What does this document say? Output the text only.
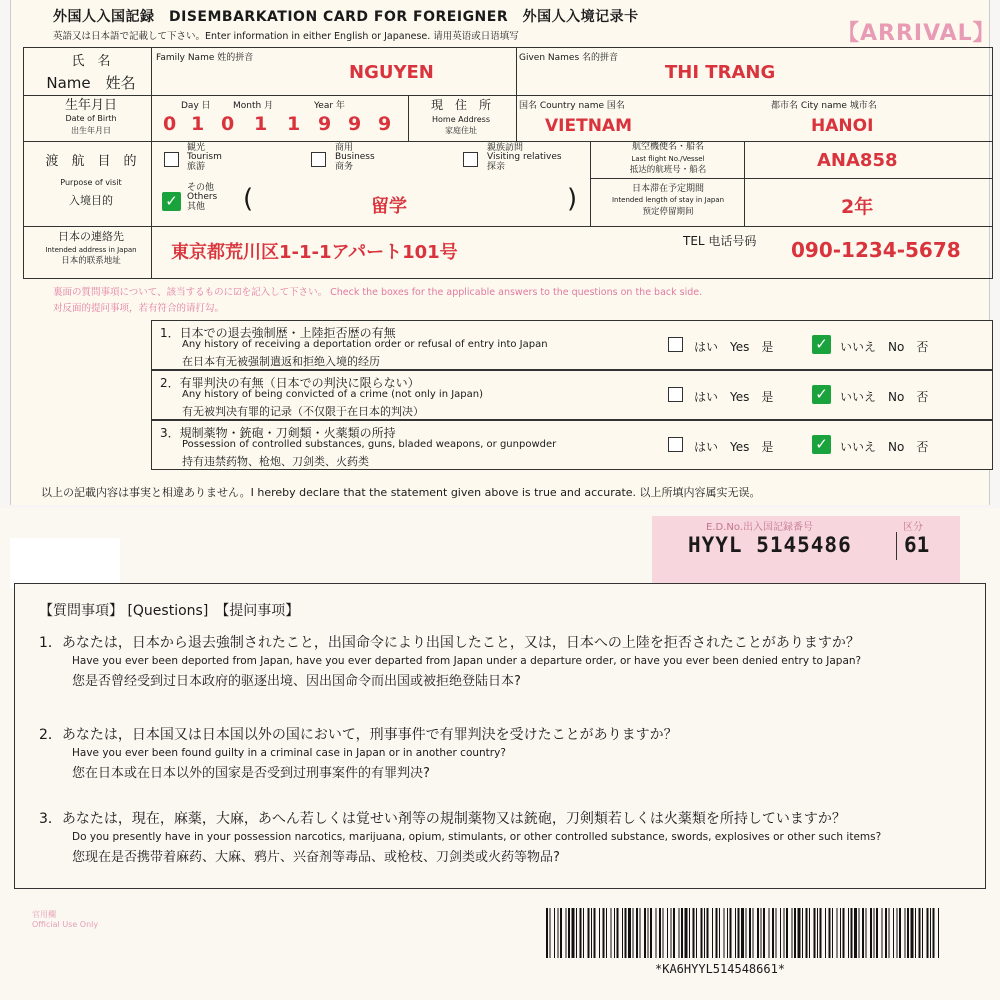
外国人入国記録　DISEMBARKATION CARD FOR FOREIGNER　外国人入境记录卡
英語又は日本語で記載して下さい。Enter information in either English or Japanese. 请用英语或日语填写	【ARRIVAL】
氏　名
Name　姓名
Family Name 姓的拼音
NGUYEN
Given Names 名的拼音
THI TRANG
生年月日
Date of Birth
出生年月日
Day 日 Month 月	Year 年
0 1 0 1 1 9 9 9
現　住　所
Home Address
家庭住址
国名 Country name 国名
VIETNAM
都市名 City name 城市名
HANOI
渡　航　目　的
Purpose of visit
入境目的
観光
Tourism
旅游
商用
Business
商务
親族訪問
Visiting relatives
探亲
✓
その他
Others
其他	(	留学	)
航空機便名・船名
Last flight No./Vessel
抵达的航班号・船名	ANA858
日本滞在予定期間
Intended length of stay in Japan
预定停留期间	2年
日本の連絡先
Intended address in Japan
日本的联系地址	東京都荒川区1-1-1アパート101号
TEL 电话号码 090-1234-5678
裏面の質問事項について、該当するものに☑を記入して下さい。 Check the boxes for the applicable answers to the questions on the back side.
对反面的提问事项，若有符合的请打勾。
1．日本での退去強制歴・上陸拒否歴の有無
Any history of receiving a deportation order or refusal of entry into Japan
在日本有无被强制遣返和拒绝入境的经历
はい　Yes　是	✓ いいえ　No　否
2．有罪判決の有無（日本での判決に限らない）
Any history of being convicted of a crime (not only in Japan)
有无被判决有罪的记录（不仅限于在日本的判决）
はい　Yes　是	✓ いいえ　No　否
3．規制薬物・銃砲・刀剣類・火薬類の所持
Possession of controlled substances, guns, bladed weapons, or gunpowder
持有违禁药物、枪炮、刀剑类、火药类
はい　Yes　是	✓ いいえ　No　否
以上の記載内容は事実と相違ありません。I hereby declare that the statement given above is true and accurate. 以上所填内容属实无误。
E.D.No.出入国記録番号	区分
HYYL 5145486 61
【質問事項】 [Questions]　【提问事项】
1．あなたは，日本から退去強制されたこと，出国命令により出国したこと，又は，日本への上陸を拒否されたことがありますか？
Have you ever been deported from Japan, have you ever departed from Japan under a departure order, or have you ever been denied entry to Japan?
您是否曾经受到过日本政府的驱逐出境、因出国命令而出国或被拒绝登陆日本?
2．あなたは，日本国又は日本国以外の国において，刑事事件で有罪判決を受けたことがありますか？
Have you ever been found guilty in a criminal case in Japan or in another country?
您在日本或在日本以外的国家是否受到过刑事案件的有罪判决?
3．あなたは，現在，麻薬，大麻，あへん若しくは覚せい剤等の規制薬物又は銃砲，刀剣類若しくは火薬類を所持していますか？
Do you presently have in your possession narcotics, marijuana, opium, stimulants, or other controlled substance, swords, explosives or other such items?
您现在是否携带着麻药、大麻、鸦片、兴奋剂等毒品、或枪枝、刀剑类或火药等物品?
官用欄
Official Use Only
*KA6HYYL514548661*
